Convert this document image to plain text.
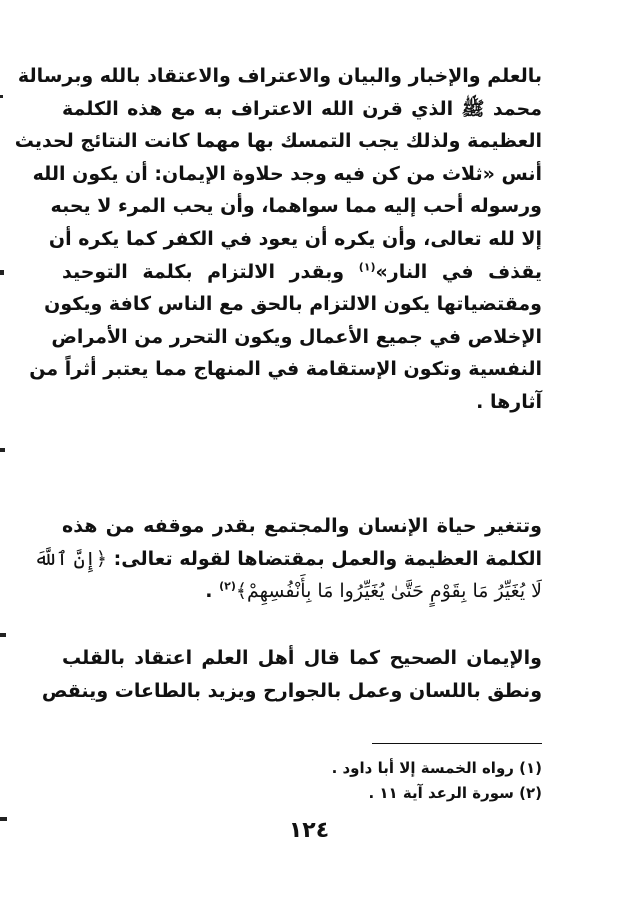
بالعلم والإخبار والبيان والاعتراف والاعتقاد بالله وبرسالة
محمد ﷺ الذي قرن الله الاعتراف به مع هذه الكلمة
العظيمة ولذلك يجب التمسك بها مهما كانت النتائج لحديث
أنس «ثلاث من كن فيه وجد حلاوة الإيمان: أن يكون الله
ورسوله أحب إليه مما سواهما، وأن يحب المرء لا يحبه
إلا لله تعالى، وأن يكره أن يعود في الكفر كما يكره أن
يقذف في النار»$^{(١)}$ وبقدر الالتزام بكلمة التوحيد
ومقتضياتها يكون الالتزام بالحق مع الناس كافة ويكون
الإخلاص في جميع الأعمال ويكون التحرر من الأمراض
النفسية وتكون الإستقامة في المنهاج مما يعتبر أثراً من
آثارها .
وتتغير حياة الإنسان والمجتمع بقدر موقفه من هذه
الكلمة العظيمة والعمل بمقتضاها لقوله تعالى: ﴿إِنَّ ٱللَّهَ
لَا يُغَيِّرُ مَا بِقَوْمٍ حَتَّىٰ يُغَيِّرُوا مَا بِأَنْفُسِهِمْ﴾$^{(٢)}$ .
والإيمان الصحيح كما قال أهل العلم اعتقاد بالقلب
ونطق باللسان وعمل بالجوارح ويزيد بالطاعات وينقص
(١) رواه الخمسة إلا أبا داود .
(٢) سورة الرعد آية ١١ .
١٢٤
